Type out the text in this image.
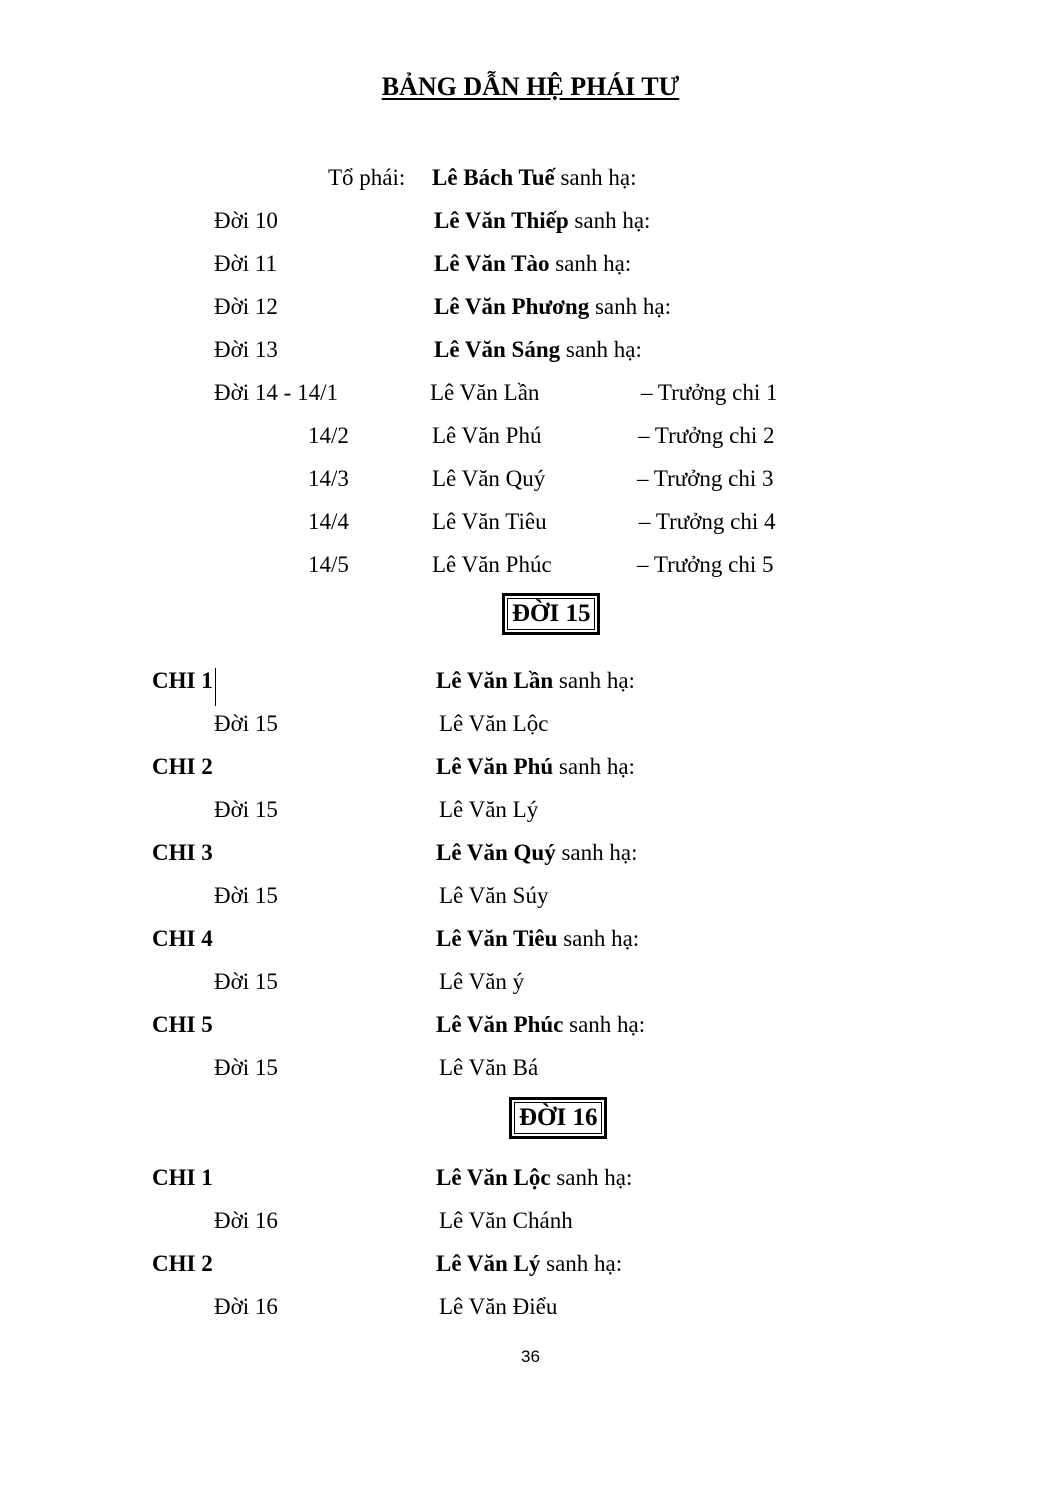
BẢNG DẪN HỆ PHÁI TƯ
Tổ phái: Lê Bách Tuế sanh hạ:
Đời 10	Lê Văn Thiếp sanh hạ:
Đời 11	Lê Văn Tào sanh hạ:
Đời 12	Lê Văn Phương sanh hạ:
Đời 13	Lê Văn Sáng sanh hạ:
Đời 14 - 14/1	Lê Văn Lần	– Trưởng chi 1
14/2	Lê Văn Phú	– Trưởng chi 2
14/3	Lê Văn Quý	– Trưởng chi 3
14/4	Lê Văn Tiêu	– Trưởng chi 4
14/5	Lê Văn Phúc	– Trưởng chi 5
ĐỜI 15
CHI 1	Lê Văn Lần sanh hạ:
Đời 15	Lê Văn Lộc
CHI 2	Lê Văn Phú sanh hạ:
Đời 15	Lê Văn Lý
CHI 3	Lê Văn Quý sanh hạ:
Đời 15	Lê Văn Súy
CHI 4	Lê Văn Tiêu sanh hạ:
Đời 15	Lê Văn ý
CHI 5	Lê Văn Phúc sanh hạ:
Đời 15	Lê Văn Bá
ĐỜI 16
CHI 1	Lê Văn Lộc sanh hạ:
Đời 16	Lê Văn Chánh
CHI 2	Lê Văn Lý sanh hạ:
Đời 16	Lê Văn Điểu
36
